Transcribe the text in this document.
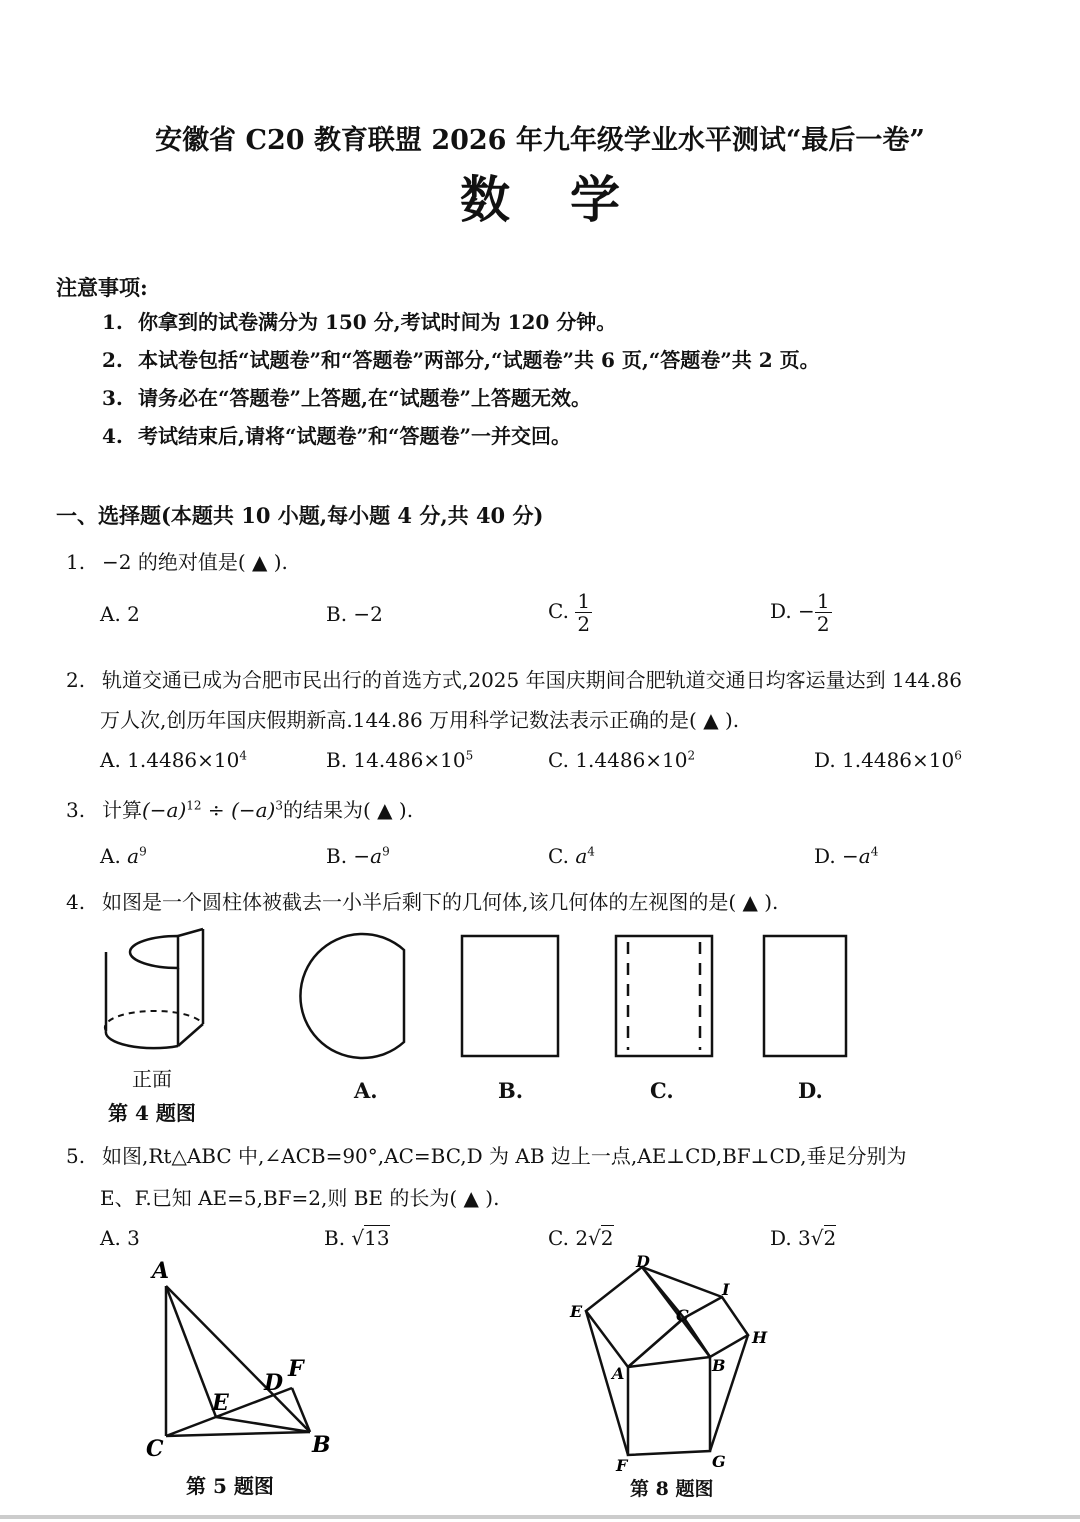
安徽省 C20 教育联盟 2026 年九年级学业水平测试“最后一卷”
数学
注意事项:
1. 你拿到的试卷满分为 150 分,考试时间为 120 分钟。
2. 本试卷包括“试题卷”和“答题卷”两部分,“试题卷”共 6 页,“答题卷”共 2 页。
3. 请务必在“答题卷”上答题,在“试题卷”上答题无效。
4. 考试结束后,请将“试题卷”和“答题卷”一并交回。
一、选择题(本题共 10 小题,每小题 4 分,共 40 分)
1. −2 的绝对值是( ▲ ).
A. 2	B. −2	C. $\frac{1}{2}$	D. − $\frac{1}{2}$
2. 轨道交通已成为合肥市民出行的首选方式,2025 年国庆期间合肥轨道交通日均客运量达到 144.86
万人次,创历年国庆假期新高.144.86 万用科学记数法表示正确的是( ▲ ).
A. $1.4486\times 10^4$	B. $14.486\times 10^5$	C. $1.4486\times 10^2$	D. $1.4486\times 10^6$
3. 计算$(-a)^{12} \div (-a)^3$的结果为( ▲ ).
A. $a^9$	B. $-a^9$	C. $a^4$	D. $-a^4$
4. 如图是一个圆柱体被截去一小半后剩下的几何体,该几何体的左视图的是( ▲ ).
正面
第 4 题图
A.	B.	C.	D.
5. 如图,Rt△ABC 中,∠ACB=90°,AC=BC,D 为 AB 边上一点,AE⊥CD,BF⊥CD,垂足分别为
E、F.已知 AE=5,BF=2,则 BE 的长为( ▲ ).
A. 3	B. √13	C. 2√2	D. 3√2
A
C	B
E
D
F
第 5 题图
D
E	C
I
H
A	B
F	G
第 8 题图
